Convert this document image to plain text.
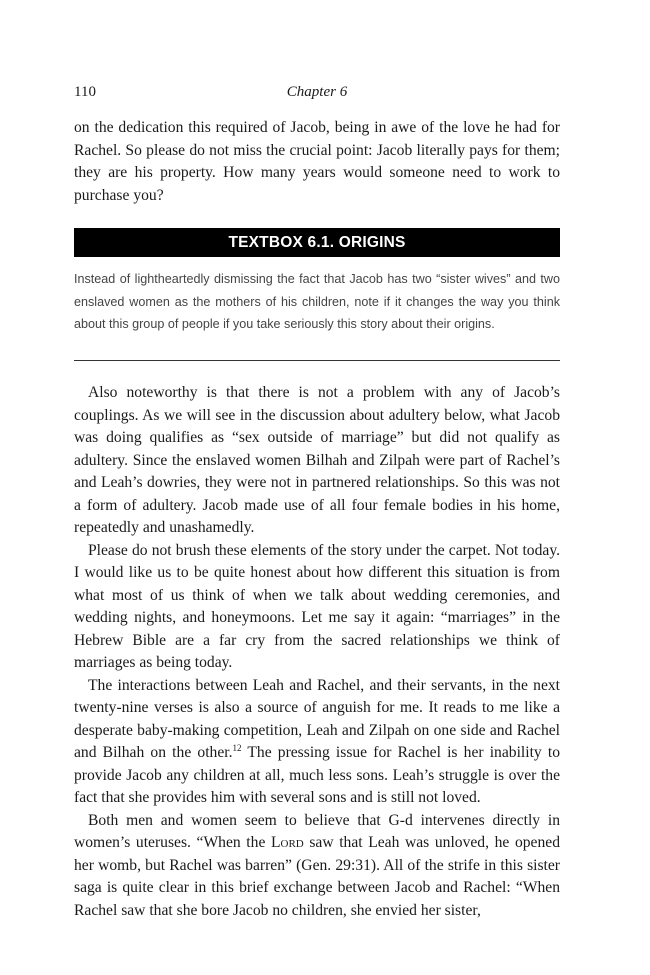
110	Chapter 6

on the dedication this required of Jacob, being in awe of the love he had for Rachel. So please do not miss the crucial point: Jacob literally pays for them; they are his property. How many years would someone need to work to purchase you?

TEXTBOX 6.1. ORIGINS
Instead of lightheartedly dismissing the fact that Jacob has two “sister wives” and two enslaved women as the mothers of his children, note if it changes the way you think about this group of people if you take seriously this story about their origins.

Also noteworthy is that there is not a problem with any of Jacob’s couplings. As we will see in the discussion about adultery below, what Jacob was doing qualifies as “sex outside of marriage” but did not qualify as adultery. Since the enslaved women Bilhah and Zilpah were part of Rachel’s and Leah’s dowries, they were not in partnered relationships. So this was not a form of adultery. Jacob made use of all four female bodies in his home, repeatedly and unashamedly.

Please do not brush these elements of the story under the carpet. Not today. I would like us to be quite honest about how different this situation is from what most of us think of when we talk about wedding ceremonies, and wedding nights, and honeymoons. Let me say it again: “marriages” in the Hebrew Bible are a far cry from the sacred relationships we think of marriages as being today.

The interactions between Leah and Rachel, and their servants, in the next twenty-nine verses is also a source of anguish for me. It reads to me like a desperate baby-making competition, Leah and Zilpah on one side and Rachel and Bilhah on the other.$^{12}$ The pressing issue for Rachel is her inability to provide Jacob any children at all, much less sons. Leah’s struggle is over the fact that she provides him with several sons and is still not loved.

Both men and women seem to believe that G-d intervenes directly in women’s uteruses. “When the Lord saw that Leah was unloved, he opened her womb, but Rachel was barren” (Gen. 29:31). All of the strife in this sister saga is quite clear in this brief exchange between Jacob and Rachel: “When Rachel saw that she bore Jacob no children, she envied her sister,
